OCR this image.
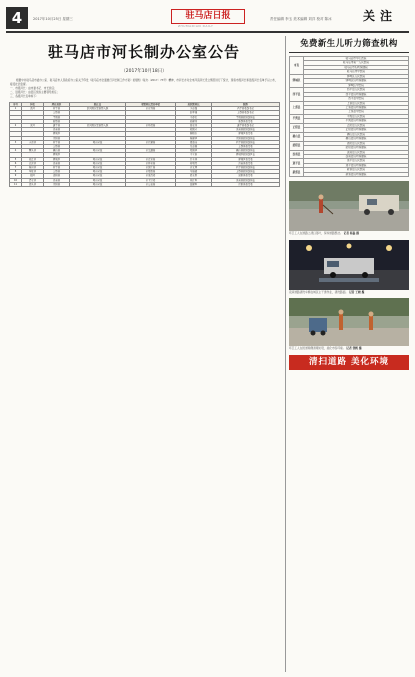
4	2017年10月25日 星期三	驻马店日报
ZHUMADIAN DAILY
责任编辑 李玉 美术编辑 刘洋 校对 陈冰	关注
驻马店市河长制办公室公告
（2017年10月18日）
根据中共驻马店市委办公室、驻马店市人民政府办公室关于印发《驻马店市全面推行河长制工作方案》的通知（驻办〔2017〕73号）精神，市河长办对全市河流河长设立情况进行了统计，现将市级河长和县级河长名单予以公布，接受社会监督。
一、市级河长：由市委书记、市长担任；
二、县级河长：由县区党政主要领导担任；
三、各级河长名单如下：
序号	河名	所在县区	起止点	市级河长责任单位	县区级河长	职务
1	洪河	西平县	洪河源头至新蔡入淮	市水利局	李志强	西平县委副书记
		上蔡县			赵军锋	上蔡县委副书记
		平舆县			王春来	平舆县政府副县长
		新蔡县			孙建伟	新蔡县委常委
2	汝河	遂平县	汝河源头至新蔡入淮	市环保局	张宏伟	遂平县委副书记
		汝南县			刘国庆	汝南县政府副县长
		驿城区			陈晓东	驿城区委常委
		正阳县			杨建华	正阳县政府副县长
3	小洪河	西平县	境内全段	市住建局	周海涛	西平县政府副县长
		上蔡县			吴志刚	上蔡县委常委
4	臻头河	确山县	境内全段	市交通局	郑国华	确山县政府副县长
		驿城区			王立新	驿城区政府副区长
5	练江河	驿城区	境内全段	市农业局	冯玉林	驿城区委常委
6	北汝河	汝南县	境内全段	市林业局	何明亮	汝南县委常委
7	杨岗河	西平县	境内全段	市国土局	许文博	西平县政府副县长
8	奎旺河	上蔡县	境内全段	市财政局	马俊峰	上蔡县政府副县长
9	闾河	泌阳县	境内全段	市发改委	胡永胜	泌阳县委常委
10	清水河	汝南县	境内全段	市卫计委	朱红军	汝南县政府副县长
11	溱头河	正阳县	境内全段	市公安局	高建军	正阳县委常委
免费新生儿听力筛查机构
市直	驻马店市中心医院
	驻马店市第一人民医院
	驻马店市妇幼保健院
	驻马店市中医院
驿城区	驿城区人民医院
	驿城区妇幼保健院
	驿城区中医院
西平县	西平县人民医院
	西平县妇幼保健院
	西平县中医院
上蔡县	上蔡县人民医院
	上蔡县妇幼保健院
	上蔡县中医院
平舆县	平舆县人民医院
	平舆县妇幼保健院
正阳县	正阳县人民医院
	正阳县妇幼保健院
确山县	确山县人民医院
	确山县妇幼保健院
泌阳县	泌阳县人民医院
	泌阳县妇幼保健院
汝南县	汝南县人民医院
	汝南县妇幼保健院
遂平县	遂平县人民医院
	遂平县妇幼保健院
新蔡县	新蔡县人民医院
	新蔡县妇幼保健院
环卫工人在道路上清扫落叶，保持道路整洁。 记者 杨磊 摄
夜间道路清洗车辆在城区主干道作业，清洗路面。 记者 王晓 摄
环卫工人在街道两侧清理垃圾，美化市容环境。 记者 张帆 摄
清扫道路 美化环境
